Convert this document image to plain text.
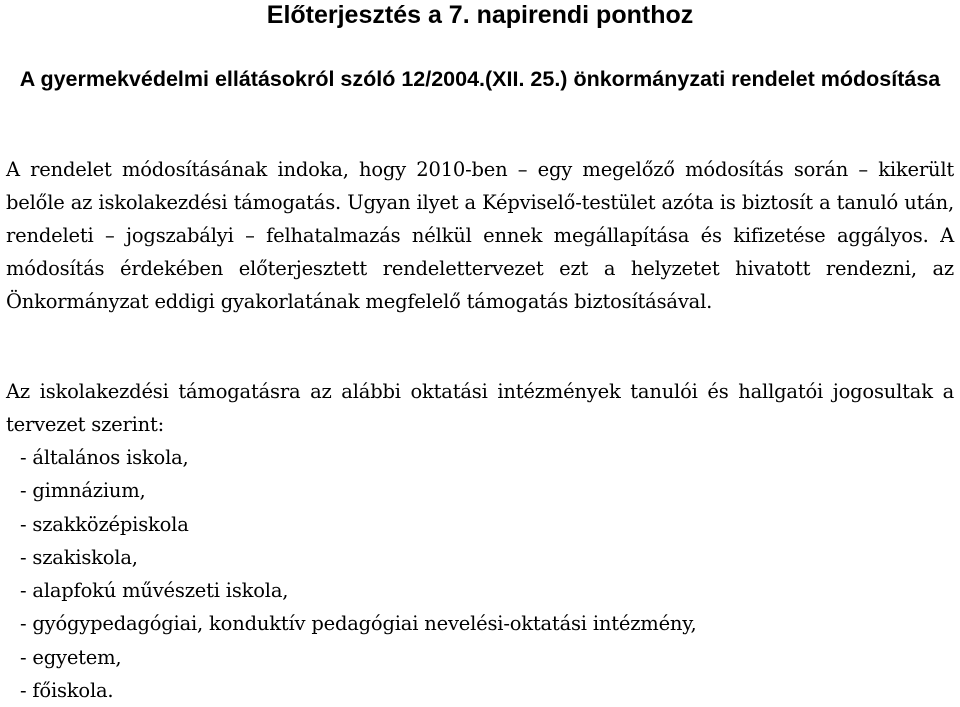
Előterjesztés a 7. napirendi ponthoz
A gyermekvédelmi ellátásokról szóló 12/2004.(XII. 25.) önkormányzati rendelet módosítása

A rendelet módosításának indoka, hogy 2010-ben – egy megelőző módosítás során – kikerült belőle az iskolakezdési támogatás. Ugyan ilyet a Képviselő-testület azóta is biztosít a tanuló után, rendeleti – jogszabályi – felhatalmazás nélkül ennek megállapítása és kifizetése aggályos. A módosítás érdekében előterjesztett rendelettervezet ezt a helyzetet hivatott rendezni, az Önkormányzat eddigi gyakorlatának megfelelő támogatás biztosításával.

Az iskolakezdési támogatásra az alábbi oktatási intézmények tanulói és hallgatói jogosultak a tervezet szerint:

- általános iskola,
- gimnázium,
- szakközépiskola
- szakiskola,
- alapfokú művészeti iskola,
- gyógypedagógiai, konduktív pedagógiai nevelési-oktatási intézmény,
- egyetem,
- főiskola.
